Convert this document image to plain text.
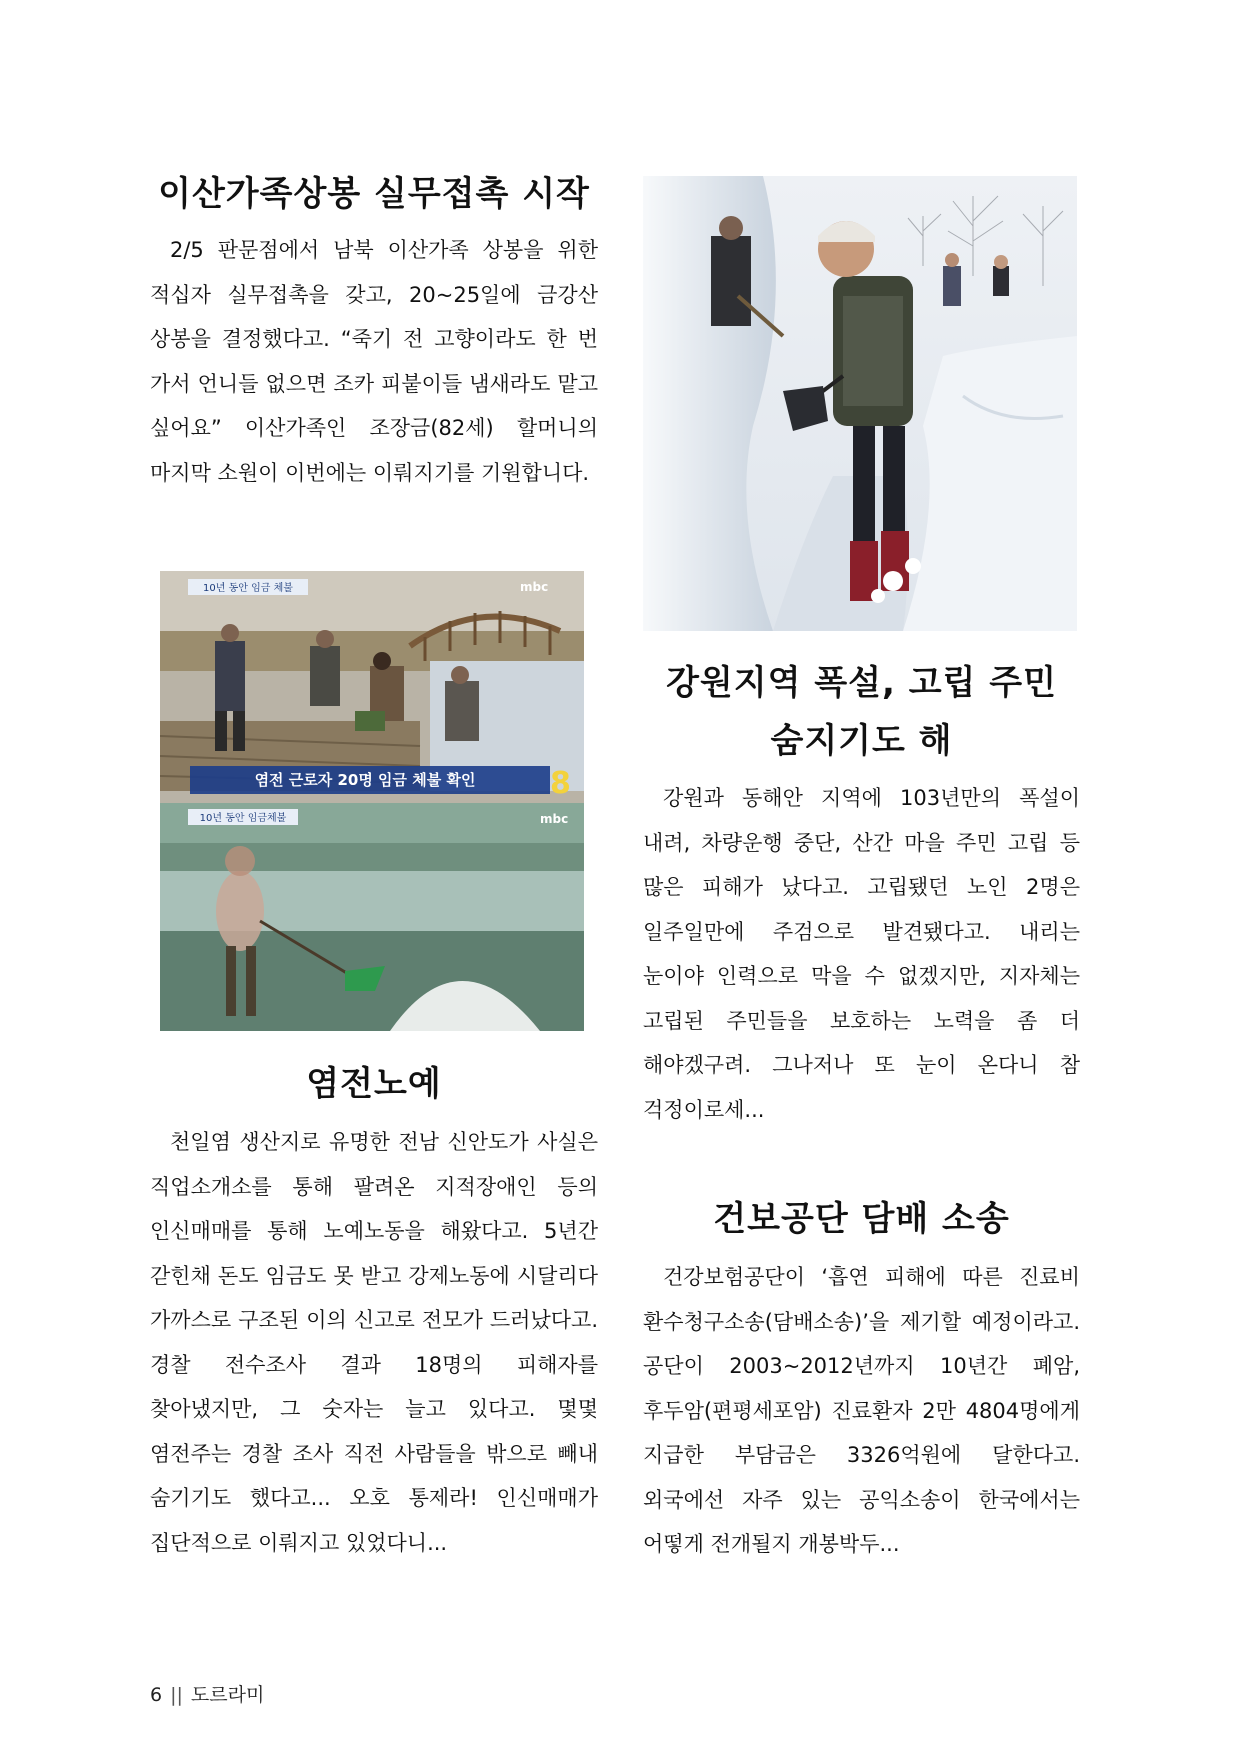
이산가족상봉 실무접촉 시작

2/5 판문점에서 남북 이산가족 상봉을 위한 적십자 실무접촉을 갖고, 20~25일에 금강산 상봉을 결정했다고. “죽기 전 고향이라도 한 번 가서 언니들 없으면 조카 피붙이들 냄새라도 맡고 싶어요” 이산가족인 조장금(82세) 할머니의 마지막 소원이 이번에는 이뤄지기를 기원합니다.

강원지역 폭설, 고립 주민
숨지기도 해

강원과 동해안 지역에 103년만의 폭설이 내려, 차량운행 중단, 산간 마을 주민 고립 등 많은 피해가 났다고. 고립됐던 노인 2명은 일주일만에 주검으로 발견됐다고. 내리는 눈이야 인력으로 막을 수 없겠지만, 지자체는 고립된 주민들을 보호하는 노력을 좀 더 해야겠구려. 그나저나 또 눈이 온다니 참 걱정이로세...

10년 동안 임금 체불	mbc
염전 근로자 20명 임금 체불 확인 8
10년 동안 임금체불	mbc
염전노예

천일염 생산지로 유명한 전남 신안도가 사실은 직업소개소를 통해 팔려온 지적장애인 등의 인신매매를 통해 노예노동을 해왔다고. 5년간 갇힌채 돈도 임금도 못 받고 강제노동에 시달리다 가까스로 구조된 이의 신고로 전모가 드러났다고. 경찰 전수조사 결과 18명의 피해자를 찾아냈지만, 그 숫자는 늘고 있다고. 몇몇 염전주는 경찰 조사 직전 사람들을 밖으로 빼내 숨기기도 했다고... 오호 통제라! 인신매매가 집단적으로 이뤄지고 있었다니...

건보공단 담배 소송

건강보험공단이 ‘흡연 피해에 따른 진료비 환수청구소송(담배소송)’을 제기할 예정이라고. 공단이 2003~2012년까지 10년간 폐암, 후두암(편평세포암) 진료환자 2만 4804명에게 지급한 부담금은 3326억원에 달한다고. 외국에선 자주 있는 공익소송이 한국에서는 어떻게 전개될지 개봉박두...

6 || 도르라미
